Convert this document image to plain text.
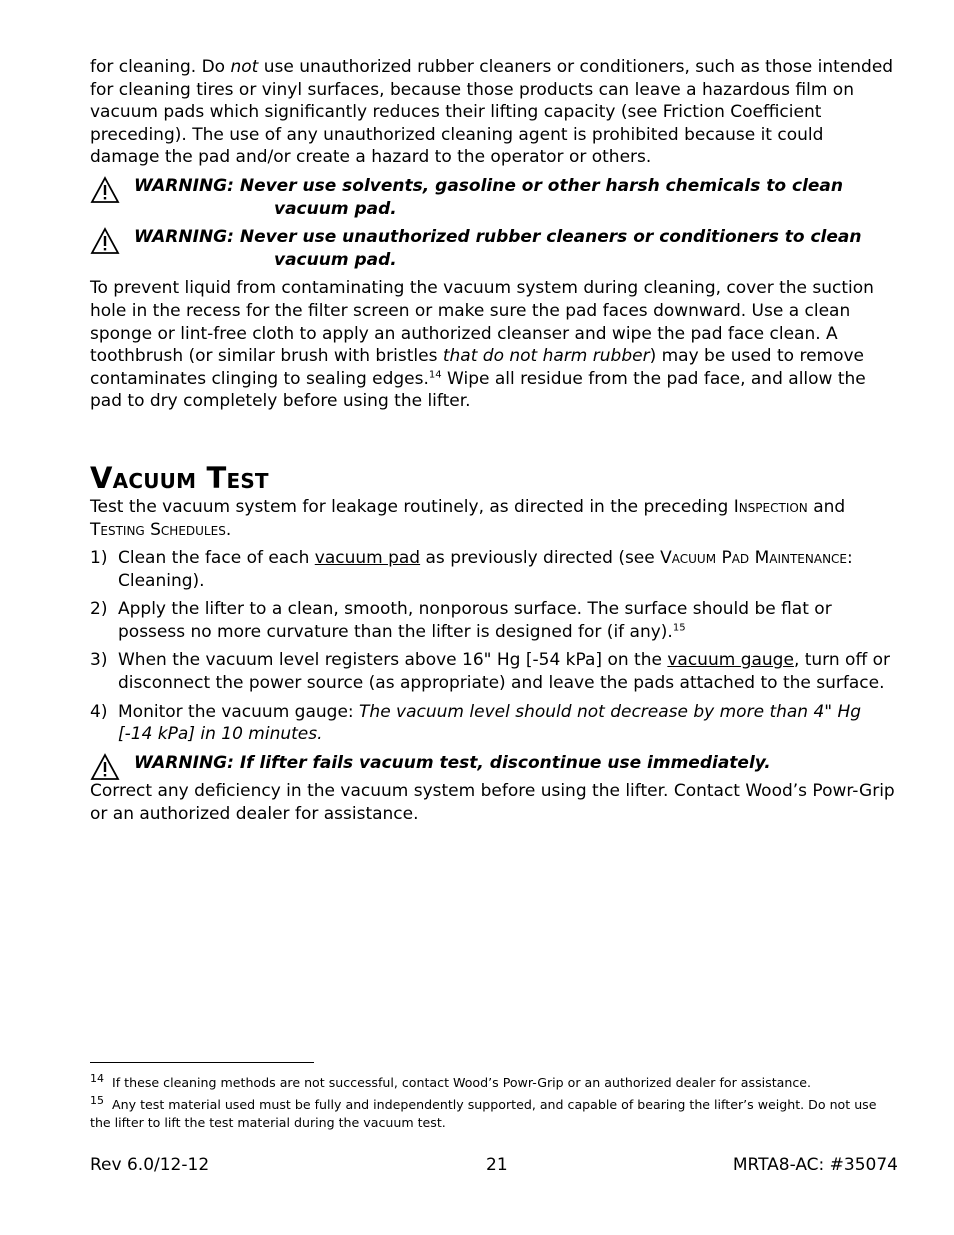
for cleaning. Do not use unauthorized rubber cleaners or conditioners, such as those intended for cleaning tires or vinyl surfaces, because those products can leave a hazardous film on vacuum pads which significantly reduces their lifting capacity (see Friction Coefficient preceding). The use of any unauthorized cleaning agent is prohibited because it could damage the pad and/or create a hazard to the operator or others.

WARNING: Never use solvents, gasoline or other harsh chemicals to clean
vacuum pad.
WARNING: Never use unauthorized rubber cleaners or conditioners to clean
vacuum pad.

To prevent liquid from contaminating the vacuum system during cleaning, cover the suction hole in the recess for the filter screen or make sure the pad faces downward. Use a clean sponge or lint-free cloth to apply an authorized cleanser and wipe the pad face clean. A toothbrush (or similar brush with bristles that do not harm rubber) may be used to remove contaminates clinging to sealing edges.$^{14}$ Wipe all residue from the pad face, and allow the pad to dry completely before using the lifter.

Vacuum Test

Test the vacuum system for leakage routinely, as directed in the preceding Inspection and Testing Schedules.

1) Clean the face of each vacuum pad as previously directed (see Vacuum Pad Maintenance: Cleaning).
2) Apply the lifter to a clean, smooth, nonporous surface. The surface should be flat or possess no more curvature than the lifter is designed for (if any).$^{15}$
3) When the vacuum level registers above 16" Hg [-54 kPa] on the vacuum gauge, turn off or disconnect the power source (as appropriate) and leave the pads attached to the surface.
4) Monitor the vacuum gauge: The vacuum level should not decrease by more than 4" Hg [-14 kPa] in 10 minutes.
WARNING: If lifter fails vacuum test, discontinue use immediately.

Correct any deficiency in the vacuum system before using the lifter. Contact Wood’s Powr-Grip or an authorized dealer for assistance.

$^{14}$ If these cleaning methods are not successful, contact Wood’s Powr-Grip or an authorized dealer for assistance.

$^{15}$ Any test material used must be fully and independently supported, and capable of bearing the lifter’s weight. Do not use the lifter to lift the test material during the vacuum test.

Rev 6.0/12-12	21	MRTA8-AC: #35074
